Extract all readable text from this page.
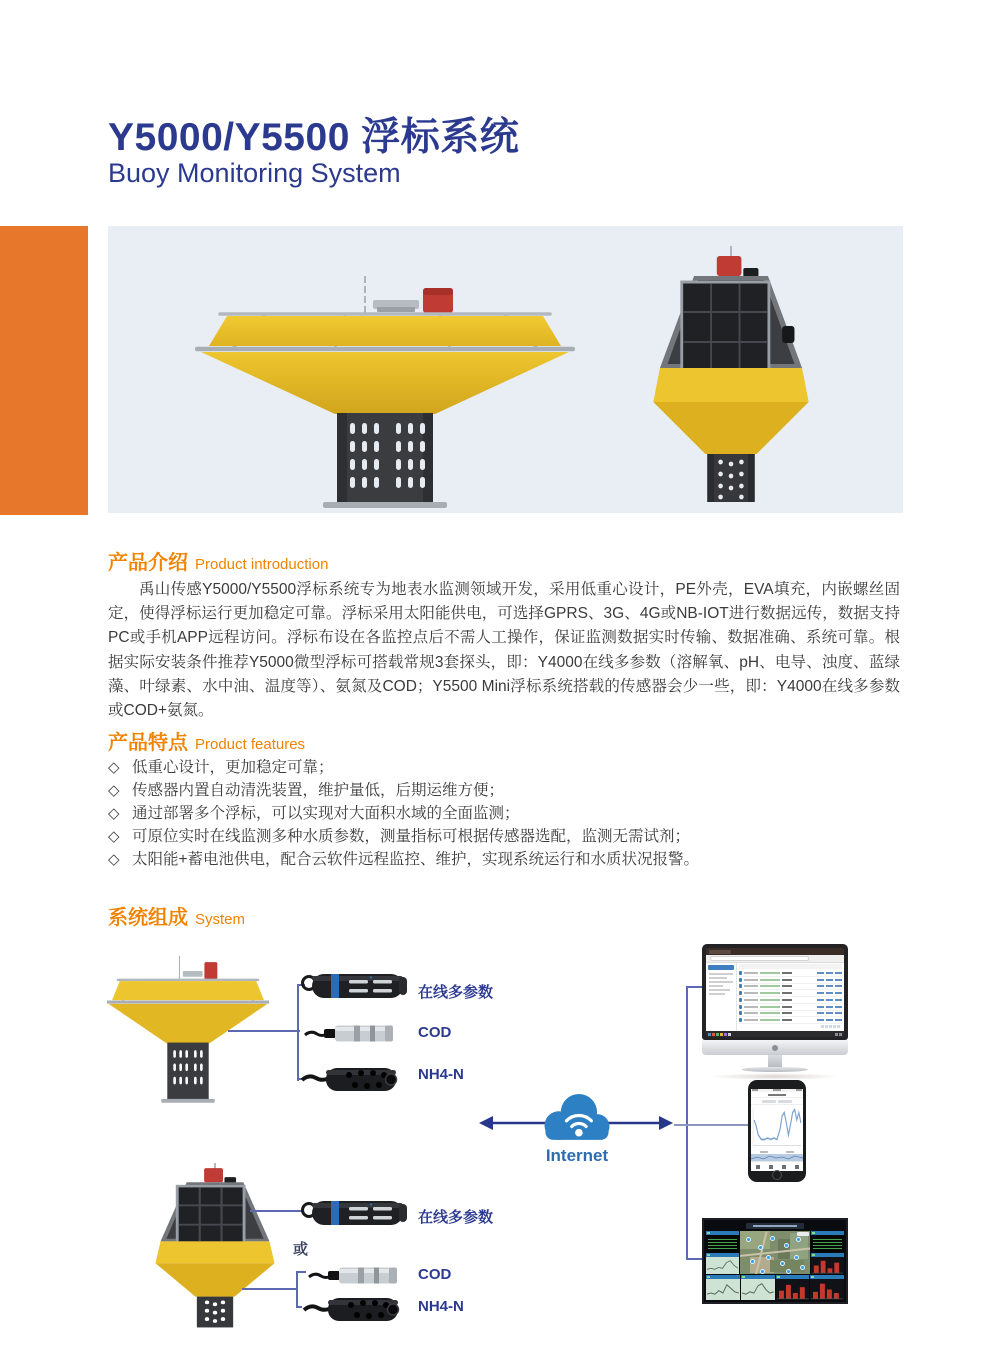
Y5000/Y5500 浮标系统
Buoy Monitoring System
产品介绍 Product introduction
禹山传感Y5000/Y5500浮标系统专为地表水监测领域开发，采用低重心设计，PE外壳，EVA填充，内嵌螺丝固定，使得浮标运行更加稳定可靠。浮标采用太阳能供电，可选择GPRS、3G、4G或NB-IOT进行数据远传，数据支持PC或手机APP远程访问。浮标布设在各监控点后不需人工操作，保证监测数据实时传输、数据准确、系统可靠。根据实际安装条件推荐Y5000微型浮标可搭载常规3套探头，即：Y4000在线多参数（溶解氧、pH、电导、浊度、蓝绿藻、叶绿素、水中油、温度等）、氨氮及COD；Y5500 Mini浮标系统搭载的传感器会少一些，即：Y4000在线多参数或COD+氨氮。
产品特点 Product features
◇ 低重心设计，更加稳定可靠；
◇ 传感器内置自动清洗装置，维护量低，后期运维方便；
◇ 通过部署多个浮标，可以实现对大面积水域的全面监测；
◇ 可原位实时在线监测多种水质参数，测量指标可根据传感器选配，监测无需试剂；
◇ 太阳能+蓄电池供电，配合云软件远程监控、维护，实现系统运行和水质状况报警。
系统组成 System
在线多参数
COD
NH4-N
或
在线多参数
COD
NH4-N
Internet
